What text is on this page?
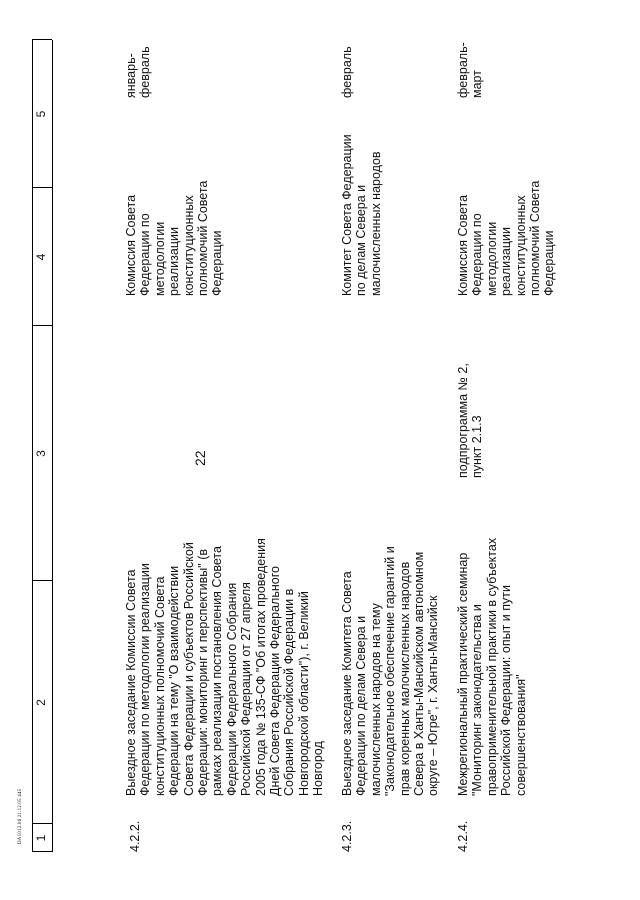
22
1
2
3
4
5
4.2.2.
Выездное заседание Комиссии Совета Федерации по методологии реализации конституционных полномочий Совета Федерации на тему "О взаимодействии Совета Федерации и субъектов Российской Федерации: мониторинг и перспективы" (в рамках реализации постановления Совета Федерации Федерального Собрания Российской Федерации от 27 апреля 2005 года № 135-СФ "Об итогах проведения Дней Совета Федерации Федерального Собрания Российской Федерации в Новгородской области"), г. Великий Новгород
Комиссия Совета Федерации по методологии реализации конституционных полномочий Совета Федерации
январь- февраль
4.2.3.
Выездное заседание Комитета Совета Федерации по делам Севера и малочисленных народов на тему "Законодательное обеспечение гарантий и прав коренных малочисленных народов Севера в Ханты-Мансийском автономном округе – Югре", г. Ханты-Мансийск
Комитет Совета Федерации по делам Севера и малочисленных народов
февраль
4.2.4.
Межрегиональный практический семинар "Мониторинг законодательства и правоприменительной практики в субъектах Российской Федерации: опыт и пути совершенствования"
подпрограмма № 2, пункт 2.1.3
Комиссия Совета Федерации по методологии реализации конституционных полномочий Совета Федерации
февраль- март
DA1012.06 21.12.05 445
